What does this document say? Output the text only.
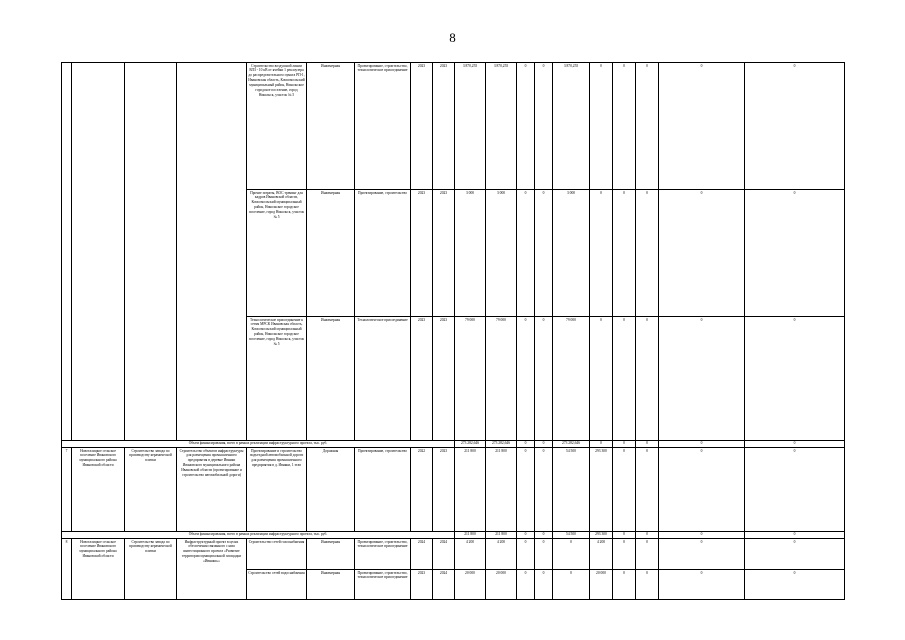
8
				Строительство воздушной линии ВЛЗ - 10 кВ от ячейки 1 реклоузера до распределительного пункта РП-1, Ивановская область, Комсомольский муниципальный район, Никольское городское поселение, город Никольск, участок № 5	Инженерная	Проектирование, строительство, технологическое присоединение	2023	2023	3 870,255	3 870,255	0	0	3 870,255	0	0	0	0	0
				Прочие затраты, ВОС тренинг для кадров Ивановской области, Комсомольский муниципальный район, Никольское городское поселение, город Никольск, участок № 5	Инженерная	Проектирование, строительство	2023	2023	3 000	3 000	0	0	3 000	0	0	0	0	0
				Технологическое присоединение к сетям МРСК Ивановская область, Комсомольский муниципальный район, Никольское городское поселение, город Никольск, участок № 5	Инженерная	Технологическое присоединение	2023	2023	79 000	79 000	0	0	79 000	0	0	0	0	0
Объем финансирования, всего в рамках реализации инфраструктурного проекта, тыс. руб.									273 282,646	273 282,646	0	0	273 282,646	0	0	0	0	0
7	Новоталицкое сельское поселение Ивановского муниципального района Ивановской области	Строительство завода по производству керамической плитки	Строительство объектов инфраструктуры для размещения промышленного предприятия в деревне Ивняки Ивановского муниципального района Ивановской области (проектирование и строительство автомобильной дороги)	Проектирование и строительство подъездной автомобильной дороги для размещения промышленного предприятия в д. Ивняки, 1 этап	Дорожная	Проектирование, строительство	2022	2023	211 800	211 800	0	0	54 500	293 300	0	0	0	0
Объем финансирования, всего в рамках реализации инфраструктурного проекта, тыс. руб.									211 800	211 800	0	0	54 500	293 300	0	0	0	0
8	Новоталицкое сельское поселение Ивановского муниципального района Ивановской области	Строительство завода по производству керамической плитки	Инфраструктурный проект в целях обеспечения связанного с ним инвестиционного проекта «Развитие территории муниципальной площадки «Ивняки»»	Строительство сетей газоснабжения	Инженерная	Проектирование, строительство, технологическое присоединение	2024	2024	4 200	4 200	0	0	0	4 200	0	0	0	0
				Строительство сетей водоснабжения	Инженерная	Проектирование, строительство, технологическое присоединение	2023	2024	20 000	20 000	0	0	0	20 000	0	0	0	0
